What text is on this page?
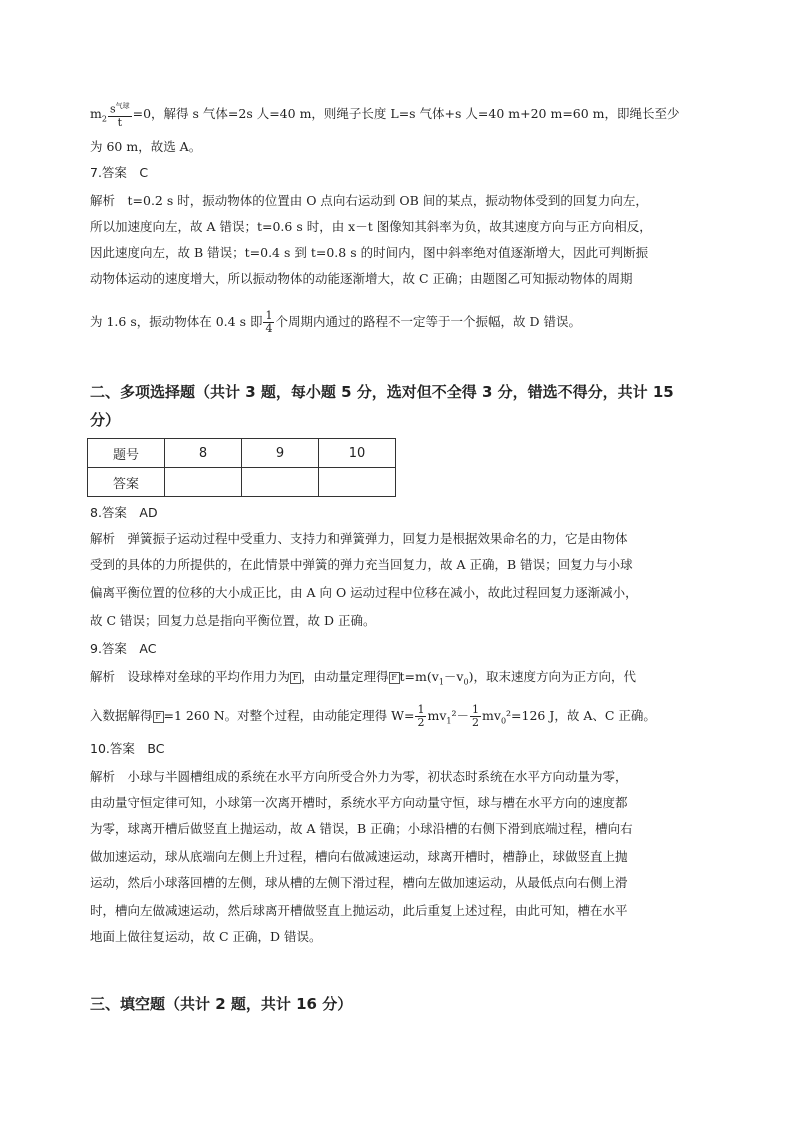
$m_2 \frac{s^{气球}}{t} =0$，解得 s 气体=2s 人=40 m，则绳子长度 L=s 气体+s 人=40 m+20 m=60 m，即绳长至少
为 60 m，故选 A。
7.答案　C
解析　t=0.2 s 时，振动物体的位置由 O 点向右运动到 OB 间的某点，振动物体受到的回复力向左，
所以加速度向左，故 A 错误；t=0.6 s 时，由 x－t 图像知其斜率为负，故其速度方向与正方向相反，
因此速度向左，故 B 错误；t=0.4 s 到 t=0.8 s 的时间内，图中斜率绝对值逐渐增大，因此可判断振
动物体运动的速度增大，所以振动物体的动能逐渐增大，故 C 正确；由题图乙可知振动物体的周期
为 1.6 s，振动物体在 0.4 s 即 $\frac{1}{4}$ 个周期内通过的路程不一定等于一个振幅，故 D 错误。
二、多项选择题（共计 3 题，每小题 5 分，选对但不全得 3 分，错选不得分，共计 15
分）
题号	8	9	10
答案			
8.答案　AD
解析　弹簧振子运动过程中受重力、支持力和弹簧弹力，回复力是根据效果命名的力，它是由物体
受到的具体的力所提供的，在此情景中弹簧的弹力充当回复力，故 A 正确，B 错误；回复力与小球
偏离平衡位置的位移的大小成正比，由 A 向 O 运动过程中位移在减小，故此过程回复力逐渐减小，
故 C 错误；回复力总是指向平衡位置，故 D 正确。
9.答案　AC
解析　设球棒对垒球的平均作用力为 F ，由动量定理得 F $t=m(v_1-v_0)$，取末速度方向为正方向，代
入数据解得 F =1 260 N。对整个过程，由动能定理得 $W= \frac{1}{2} mv_1^2- \frac{1}{2} mv_0^2=126$ J，故 A、C 正确。
10.答案　BC
解析　小球与半圆槽组成的系统在水平方向所受合外力为零，初状态时系统在水平方向动量为零，
由动量守恒定律可知，小球第一次离开槽时，系统水平方向动量守恒，球与槽在水平方向的速度都
为零，球离开槽后做竖直上抛运动，故 A 错误，B 正确；小球沿槽的右侧下滑到底端过程，槽向右
做加速运动，球从底端向左侧上升过程，槽向右做减速运动，球离开槽时，槽静止，球做竖直上抛
运动，然后小球落回槽的左侧，球从槽的左侧下滑过程，槽向左做加速运动，从最低点向右侧上滑
时，槽向左做减速运动，然后球离开槽做竖直上抛运动，此后重复上述过程，由此可知，槽在水平
地面上做往复运动，故 C 正确，D 错误。
三、填空题（共计 2 题，共计 16 分）
